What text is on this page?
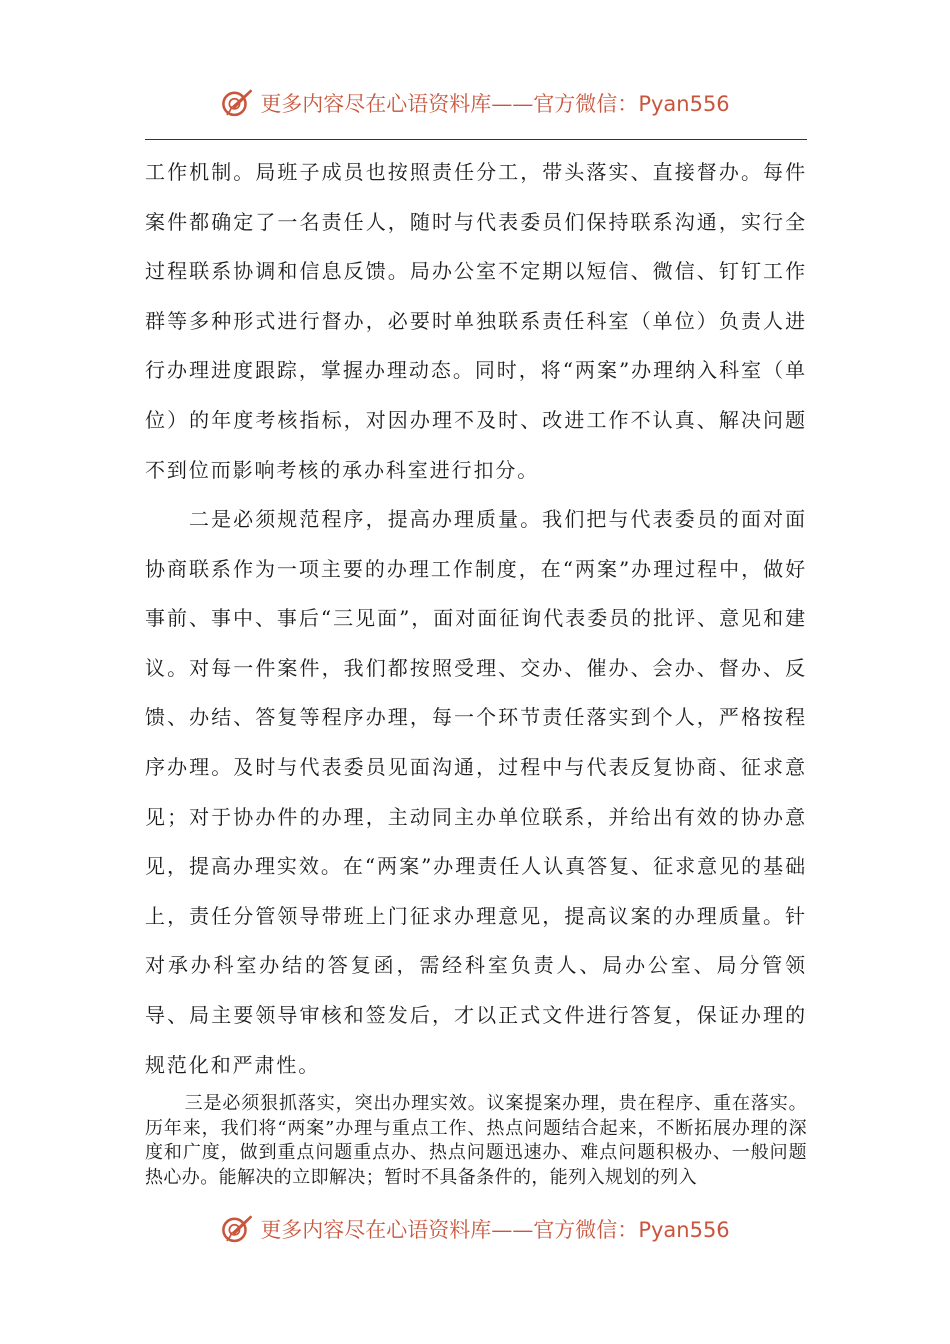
更多内容尽在心语资料库——官方微信：Pyan556

工作机制。局班子成员也按照责任分工，带头落实、直接督办。每件案件都确定了一名责任人，随时与代表委员们保持联系沟通，实行全过程联系协调和信息反馈。局办公室不定期以短信、微信、钉钉工作群等多种形式进行督办，必要时单独联系责任科室（单位）负责人进行办理进度跟踪，掌握办理动态。同时，将“两案”办理纳入科室（单位）的年度考核指标，对因办理不及时、改进工作不认真、解决问题不到位而影响考核的承办科室进行扣分。

二是必须规范程序，提高办理质量。我们把与代表委员的面对面协商联系作为一项主要的办理工作制度，在“两案”办理过程中，做好事前、事中、事后“三见面”，面对面征询代表委员的批评、意见和建议。对每一件案件，我们都按照受理、交办、催办、会办、督办、反馈、办结、答复等程序办理，每一个环节责任落实到个人，严格按程序办理。及时与代表委员见面沟通，过程中与代表反复协商、征求意见；对于协办件的办理，主动同主办单位联系，并给出有效的协办意见，提高办理实效。在“两案”办理责任人认真答复、征求意见的基础上，责任分管领导带班上门征求办理意见，提高议案的办理质量。针对承办科室办结的答复函，需经科室负责人、局办公室、局分管领导、局主要领导审核和签发后，才以正式文件进行答复，保证办理的规范化和严肃性。

三是必须狠抓落实，突出办理实效。议案提案办理，贵在程序、重在落实。历年来，我们将“两案”办理与重点工作、热点问题结合起来，不断拓展办理的深度和广度，做到重点问题重点办、热点问题迅速办、难点问题积极办、一般问题热心办。能解决的立即解决；暂时不具备条件的，能列入规划的列入

更多内容尽在心语资料库——官方微信：Pyan556
